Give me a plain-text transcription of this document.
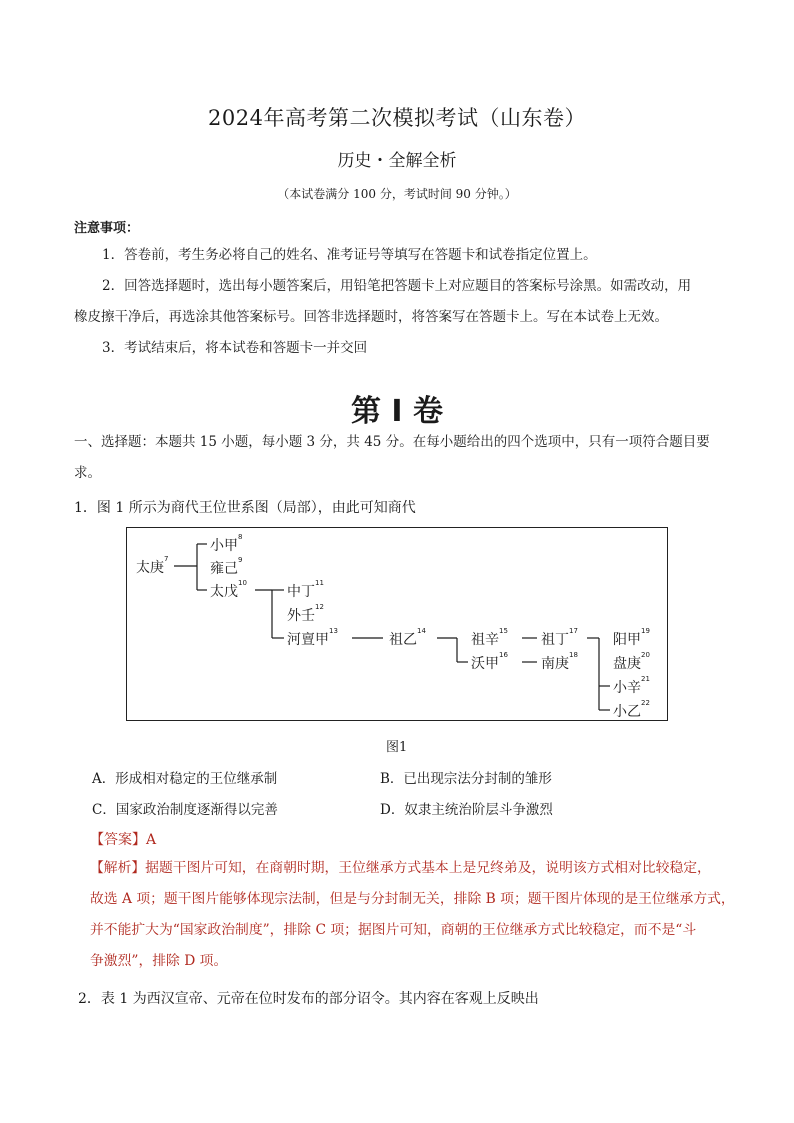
2024年高考第二次模拟考试（山东卷）
历史・全解全析
（本试卷满分 100 分，考试时间 90 分钟。）
注意事项：
1．答卷前，考生务必将自己的姓名、准考证号等填写在答题卡和试卷指定位置上。
2．回答选择题时，选出每小题答案后，用铅笔把答题卡上对应题目的答案标号涂黑。如需改动，用
橡皮擦干净后，再选涂其他答案标号。回答非选择题时，将答案写在答题卡上。写在本试卷上无效。
3．考试结束后，将本试卷和答题卡一并交回
第 I 卷
一、选择题：本题共 15 小题，每小题 3 分，共 45 分。在每小题给出的四个选项中，只有一项符合题目要
求。
1．图 1 所示为商代王位世系图（局部），由此可知商代
太庚$^7$
小甲$^8$
雍己$^9$
太戊$^{10}$
中丁$^{11}$
外壬$^{12}$
河亶甲$^{13}$
祖乙$^{14}$
祖辛$^{15}$
沃甲$^{16}$
祖丁$^{17}$
南庚$^{18}$
阳甲$^{19}$
盘庚$^{20}$
小辛$^{21}$
小乙$^{22}$
图1
A．形成相对稳定的王位继承制	B．已出现宗法分封制的雏形
C．国家政治制度逐渐得以完善	D．奴隶主统治阶层斗争激烈
【答案】A
【解析】据题干图片可知，在商朝时期，王位继承方式基本上是兄终弟及，说明该方式相对比较稳定，
故选 A 项；题干图片能够体现宗法制，但是与分封制无关，排除 B 项；题干图片体现的是王位继承方式，
并不能扩大为“国家政治制度”，排除 C 项；据图片可知，商朝的王位继承方式比较稳定，而不是“斗
争激烈”，排除 D 项。
2．表 1 为西汉宣帝、元帝在位时发布的部分诏令。其内容在客观上反映出
